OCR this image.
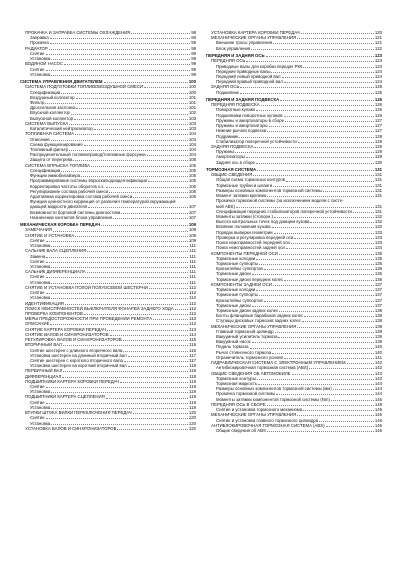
ПРОКАЧКА И ЗАПРАВКА СИСТЕМЫ ОХЛАЖДЕНИЯ	98
Заправка	98
Прокачка	98
РАДИАТОР	98
Снятие	99
Установка	99
ВОДЯНОЙ НАСОС	99
Снятие	99
Установка	99
СИСТЕМА УПРАВЛЕНИЯ ДВИГАТЕЛЕМ	100
СИСТЕМА ПОДГОТОВКИ ТОПЛИВОВОЗДУШНОЙ СМЕСИ	100
Спецификации	100
Воздушный коллектор	101
Фильтр	101
Дроссельная заслонка	101
Впускной коллектор	102
Выпускной коллектор	103
СИСТЕМА ВЫПУСКА	103
Каталитический нейтрализатор	103
ТОПЛИВНАЯ СИСТЕМА	104
Описание	104
Схема функционирования	104
Топливный фильтр	104
Распределительный топливопровод/топливные форсунки	104
Защита от перегрева	105
СИСТЕМА ВПРЫСКА ТОПЛИВА	105
Спецификации	105
Функции иммобилайзера	105
Программирование системы впрыска/кодоидентификации	105
Корректировка частоты оборотов х.х.	105
Регулирование состава рабочей смеси	106
Адаптивная корректировка состава рабочей смеси	106
Функция ценностного коррекция от различия температурой окружающей
дающей жидкости двигателя	107
Возможности бортовой системы диагностики	107
Назначение контактов блока управления	107
МЕХАНИЧЕСКАЯ КОРОБКА ПЕРЕДАЧ	109
ЗАМЕЧАНИЯ	109
СНЯТИЕ И УСТАНОВКА	109
Снятие	109
Установка	111
САЛЬНИК ВАЛА СЦЕПЛЕНИЯ	111
Замена	111
Снятие	111
Установка	111
САЛЬНИК ДИФФЕРЕНЦИАЛА	111
Снятие	111
Установка	111
СНЯТИЕ И УСТАНОВКА ПОЛОЙ ПОЛУОСЕВОЙ ШЕСТЕРНИ	112
Снятие	112
Установка	112
ИДЕНТИФИКАЦИЯ	112
ПОИСК НЕИСПРАВНОСТЕЙ ВЫКЛЮЧАТЕЛЯ ФОНАРЕЙ ЗАДНЕГО ХОДА	112
ПРОВЕРКА КОМПОНЕНТОВ	112
МЕРЫ ПРЕДОСТОРОЖНОСТИ ПРИ ПРОВЕДЕНИИ РЕМОНТА	113
ОПИСАНИЕ	113
СНЯТИЕ КАРТЕРА КОРОБКИ ПЕРЕДАЧ	113
СНЯТИЕ ВАЛОВ И СИНХРОНИЗАТОРОВ	114
РЕГУЛИРОВКА ВАЛОВ И СИНХРОНИЗАТОРОВ	115
ВТОРИЧНЫЙ ВАЛ	116
Снятие шестерен с длинного вторичного вала	116
Установка шестерен на длинный вторичный вал	117
Снятие шестерен с короткого вторичного вала	117
Установка шестерен на короткий вторичный вал	118
ПЕРВИЧНЫЙ ВАЛ	118
ДИФФЕРЕНЦИАЛ	118
ПОДШИПНИКИ КАРТЕРА КОРОБКИ ПЕРЕДАЧ	119
Снятие	119
Установка	119
ПОДШИПНИКИ КАРТЕРА СЦЕПЛЕНИЯ	119
Снятие	119
Установка	119
ВТУЛКИ ШТОКА ВИЛКИ ПЕРЕКЛЮЧЕНИЯ ПЕРЕДАЧ	120
Снятие	120
Установка	120
УСТАНОВКА ВАЛОВ И СИНХРОНИЗАТОРОВ	120
УСТАНОВКА КАРТЕРА КОРОБКИ ПЕРЕДАЧ	120
МЕХАНИЧЕСКИЕ ОРГАНЫ УПРАВЛЕНИЯ	121
Внешние тросы управления	121
Блок управления	122
ПЕРЕДНЯЯ И ЗАДНЯЯ ОСЬ	123
ПЕРЕДНЯЯ ОСЬ	123
Приводные валы для коробки передач РК5	123
Передние приводные валы	124
Передний левый приводной вал	124
Передний правый приводной вал	124
ЗАДНЯЯ ОСЬ	125
Подшипник	125
ПЕРЕДНЯЯ И ЗАДНЯЯ ПОДВЕСКА	126
ПЕРЕДНЯЯ ПОДВЕСКА	126
Поворотные кулаки	126
Подшипники поворотных кулаков	126
Пружины и амортизаторы в сборе	127
Пружины и амортизаторы	127
Нижние рычаги подвески	127
Подрамник	128
Стабилизатор поперечной устойчивости	128
ЗАДНЯЯ ПОДВЕСКА	129
Пружины	129
Амортизаторы	129
Задняя ось в сборе	130
ТОРМОЗНАЯ СИСТЕМА	131
ОБЩИЕ СВЕДЕНИЯ	131
Общая схема тормозных контуров	131
Тормозные трубки и шланги	131
Размеры основных компонентов тормозной системы	131
Момент затяжки крепежа	131
Прокачка тормозной системы (за исключением модели с систе-
мой ABS)	131
Спецификация передних стабилизаторов поперечной устойчивости	131
Моменты затяжки (стопорн.)	132
Высота контрольных точек под днищем кузова	132
Влияние положения кузова	132
Порядок выверки геометрии	133
Проверка и регулировка передней оси	133
Поиск неисправностей передней оси	133
Поиск неисправностей задней оси	134
КОМПОНЕНТЫ ПЕРЕДНЕЙ ОСИ	135
Тормозные колодки	135
Тормозные суппорты	135
Кронштейны суппортов	136
Тормозные диски	136
Тормозные диски передних колес	136
КОМПОНЕНТЫ ЗАДНЕЙ ОСИ	137
Тормозные колодки	137
Тормозные суппорты	137
Кронштейны суппортов	137
Тормозные диски	137
Тормозные диски задних колес	138
Болты фланцевые барабанов задних колес	138
Ступицы дисковых тормозов задних колес	138
МЕХАНИЧЕСКИЕ ОРГАНЫ УПРАВЛЕНИЯ	139
Главный тормозной цилиндр	139
Вакуумный усилитель тормоза	139
Вакуумный насос	139
Педаль тормоза	140
Рычаг стояночного тормоза	140
Ограничитель тормозного усилия	141
ГИДРАВЛИЧЕСКАЯ СИСТЕМА С ЭЛЕКТРОННЫМ УПРАВЛЕНИЕМ	142
Антиблокировочная тормозная система (ABS)	142
ОБЩИЕ СВЕДЕНИЯ ОБ АВТОМОБИЛЕ	143
Тормозные контуры	143
Тормозная жидкость	144
Размеры основных компонентов тормозной системы (мм)	144
Прокачка тормозной системы	144
Моменты затяжки компонентов тормозной системы (Nm)	145
ПЕРЕДНЯЯ ОСЬ В СБОРЕ	145
Снятие и установка тормозного механизма	145
МЕХАНИЧЕСКИЕ ОРГАНЫ УПРАВЛЕНИЯ	146
Снятие и установка главного тормозного цилиндра	146
АНТИБЛОКИРОВОЧНАЯ ТОРМОЗНАЯ СИСТЕМА (ABS)	146
Общие сведения об ABS	146
